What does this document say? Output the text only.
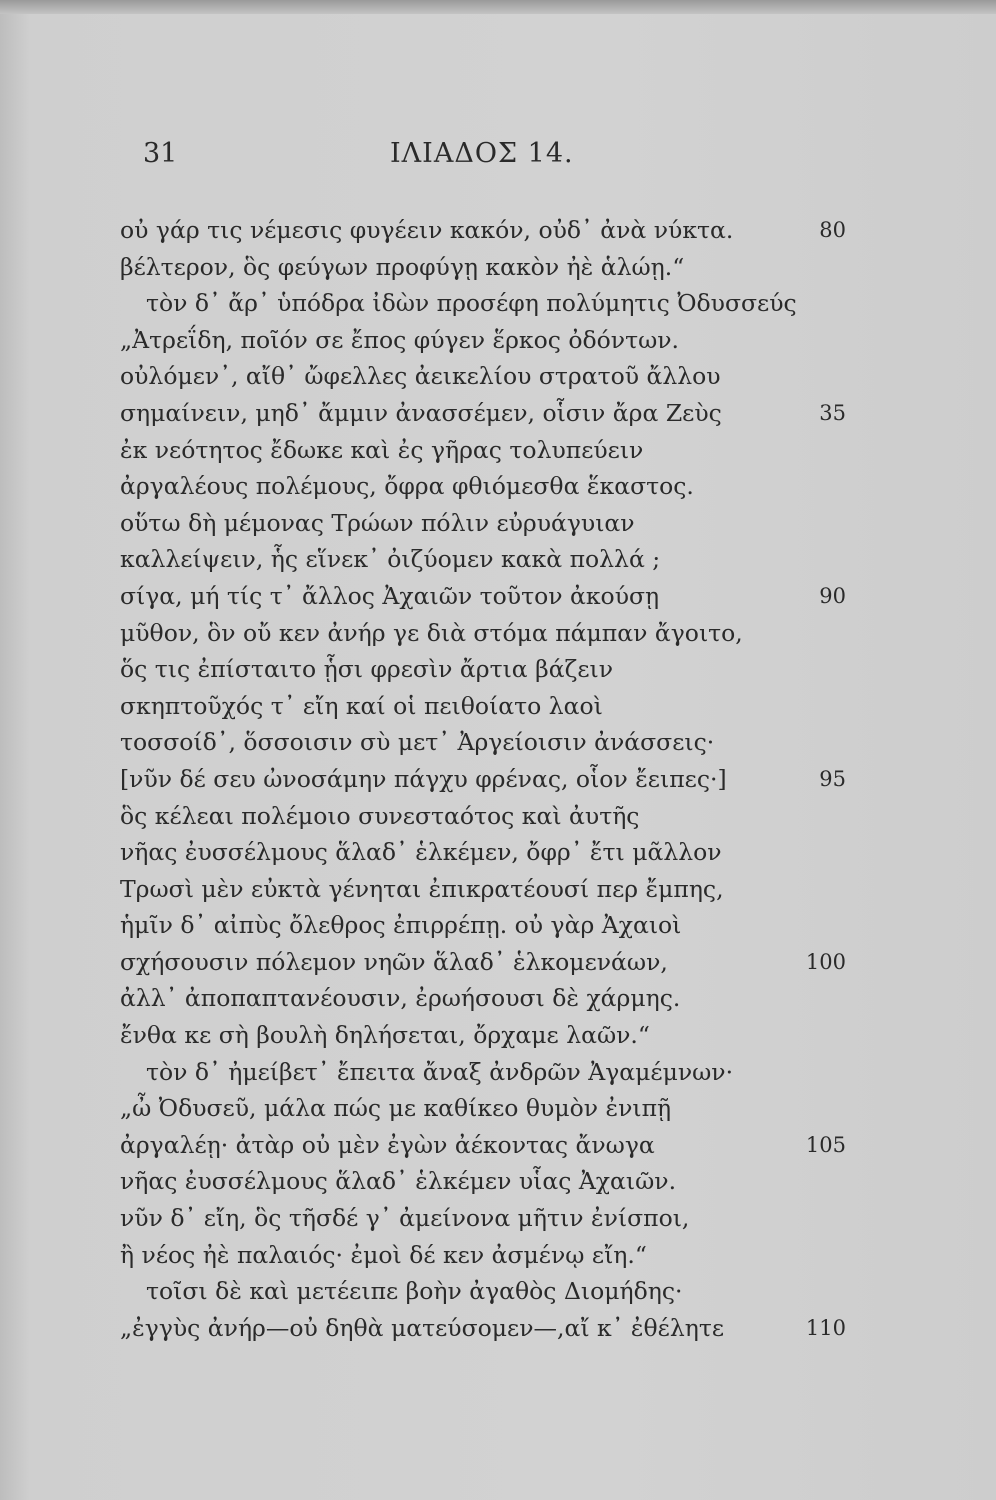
31	ΙΛΙΑΔΟΣ 14.
οὐ γάρ τις νέμεσις φυγέειν κακόν, οὐδ᾽ ἀνὰ νύκτα.	80
βέλτερον, ὃς φεύγων προφύγῃ κακὸν ἠὲ ἁλώῃ.“
τὸν δ᾽ ἄρ᾽ ὑπόδρα ἰδὼν προσέφη πολύμητις Ὀδυσσεύς
„Ἀτρεΐδη, ποῖόν σε ἔπος φύγεν ἕρκος ὀδόντων.
οὐλόμεν᾽, αἴθ᾽ ὤφελλες ἀεικελίου στρατοῦ ἄλλου
σημαίνειν, μηδ᾽ ἄμμιν ἀνασσέμεν, οἷσιν ἄρα Ζεὺς	35
ἐκ νεότητος ἔδωκε καὶ ἐς γῆρας τολυπεύειν
ἀργαλέους πολέμους, ὄφρα φθιόμεσθα ἕκαστος.
οὕτω δὴ μέμονας Τρώων πόλιν εὐρυάγυιαν
καλλείψειν, ἧς εἵνεκ᾽ ὀιζύομεν κακὰ πολλά ;
σίγα, μή τίς τ᾽ ἄλλος Ἀχαιῶν τοῦτον ἀκούσῃ	90
μῦθον, ὃν οὔ κεν ἀνήρ γε διὰ στόμα πάμπαν ἄγοιτο,
ὅς τις ἐπίσταιτο ᾗσι φρεσὶν ἄρτια βάζειν
σκηπτοῦχός τ᾽ εἴη καί οἱ πειθοίατο λαοὶ
τοσσοίδ᾽, ὅσσοισιν σὺ μετ᾽ Ἀργείοισιν ἀνάσσεις·
[νῦν δέ σευ ὠνοσάμην πάγχυ φρένας, οἷον ἔειπες·]	95
ὃς κέλεαι πολέμοιο συνεσταότος καὶ ἀυτῆς
νῆας ἐυσσέλμους ἅλαδ᾽ ἑλκέμεν, ὄφρ᾽ ἔτι μᾶλλον
Τρωσὶ μὲν εὐκτὰ γένηται ἐπικρατέουσί περ ἔμπης,
ἡμῖν δ᾽ αἰπὺς ὄλεθρος ἐπιρρέπῃ. οὐ γὰρ Ἀχαιοὶ
σχήσουσιν πόλεμον νηῶν ἅλαδ᾽ ἑλκομενάων,	100
ἀλλ᾽ ἀποπαπτανέουσιν, ἐρωήσουσι δὲ χάρμης.
ἔνθα κε σὴ βουλὴ δηλήσεται, ὄρχαμε λαῶν.“
τὸν δ᾽ ἠμείβετ᾽ ἔπειτα ἄναξ ἀνδρῶν Ἀγαμέμνων·
„ὦ Ὀδυσεῦ, μάλα πώς με καθίκεο θυμὸν ἐνιπῇ
ἀργαλέῃ· ἀτὰρ οὐ μὲν ἐγὼν ἀέκοντας ἄνωγα	105
νῆας ἐυσσέλμους ἅλαδ᾽ ἑλκέμεν υἷας Ἀχαιῶν.
νῦν δ᾽ εἴη, ὃς τῆσδέ γ᾽ ἀμείνονα μῆτιν ἐνίσποι,
ἢ νέος ἠὲ παλαιός· ἐμοὶ δέ κεν ἀσμένῳ εἴη.“
τοῖσι δὲ καὶ μετέειπε βοὴν ἀγαθὸς Διομήδης·
„ἐγγὺς ἀνήρ—οὐ δηθὰ ματεύσομεν—,αἴ κ᾽ ἐθέλητε	110
